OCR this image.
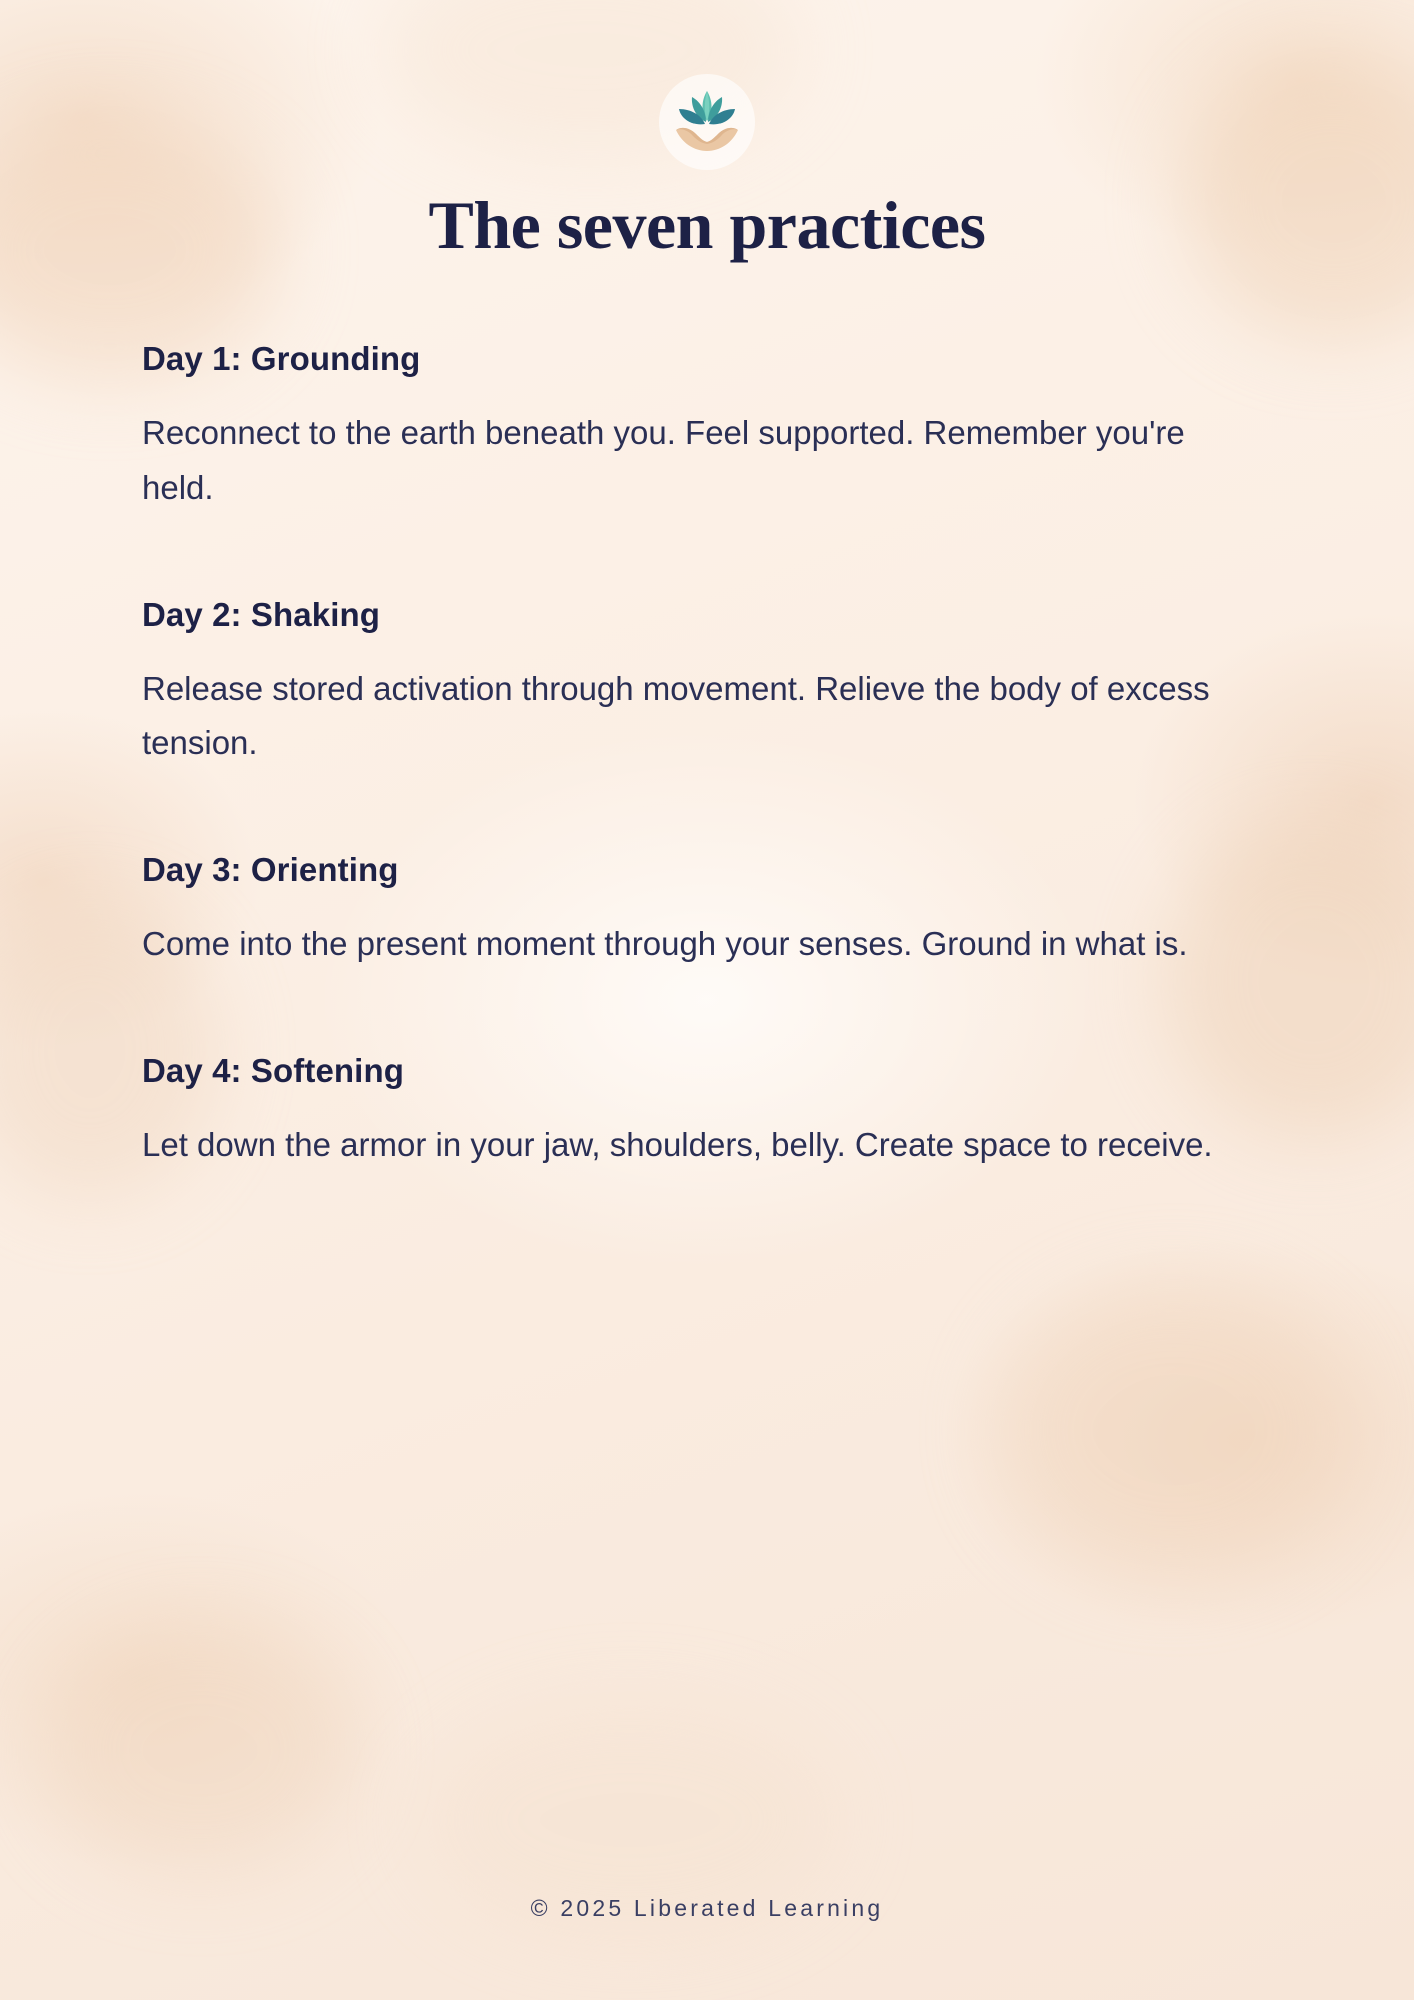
The seven practices
Day 1: Grounding
Reconnect to the earth beneath you. Feel supported. Remember you're held.
Day 2: Shaking
Release stored activation through movement. Relieve the body of excess tension.
Day 3: Orienting
Come into the present moment through your senses. Ground in what is.
Day 4: Softening
Let down the armor in your jaw, shoulders, belly. Create space to receive.
© 2025 Liberated Learning
